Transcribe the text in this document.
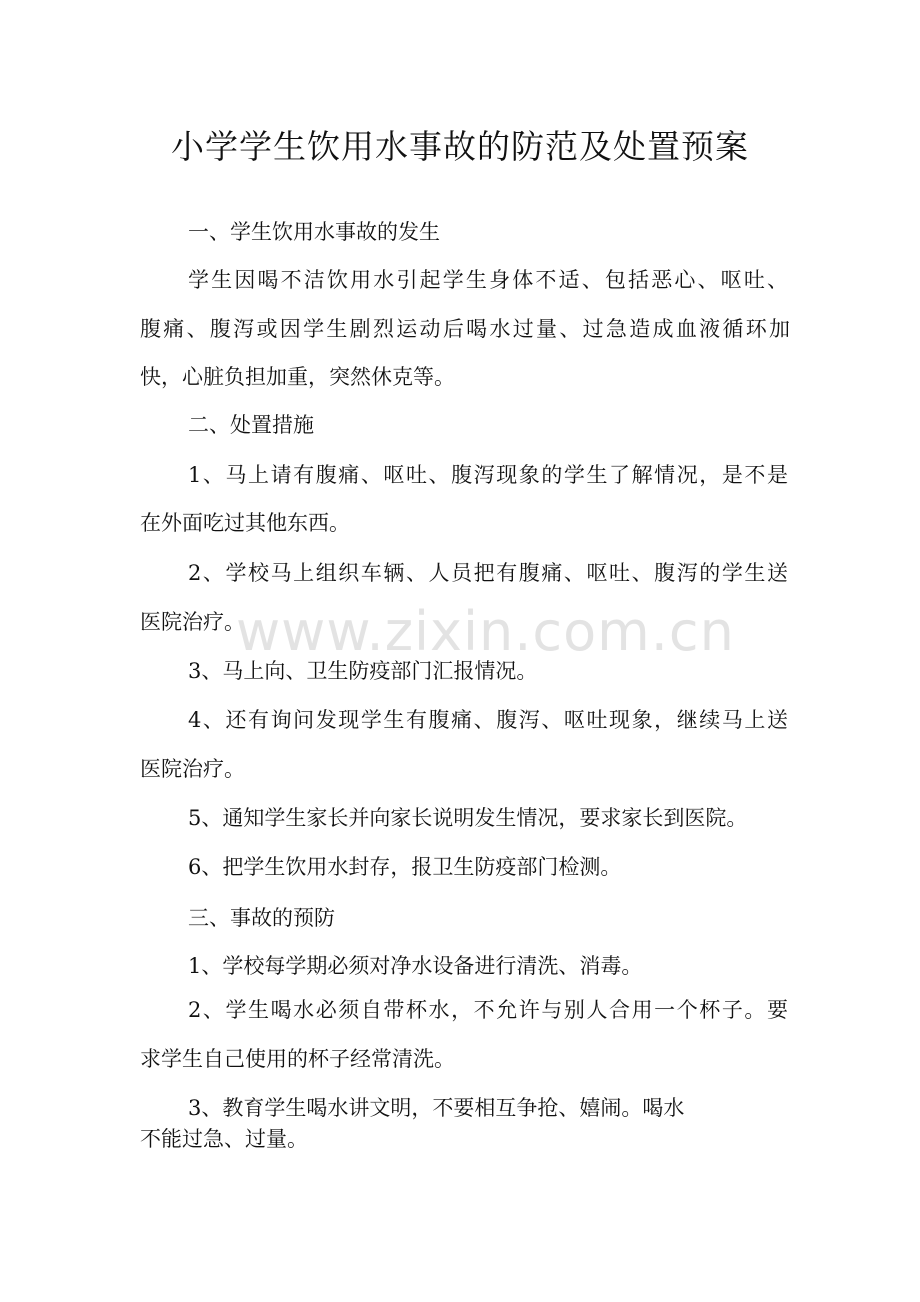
小学学生饮用水事故的防范及处置预案
一、学生饮用水事故的发生
学生因喝不洁饮用水引起学生身体不适、包括恶心、呕吐、
腹痛、腹泻或因学生剧烈运动后喝水过量、过急造成血液循环加
快，心脏负担加重，突然休克等。
二、处置措施
1、马上请有腹痛、呕吐、腹泻现象的学生了解情况，是不是
在外面吃过其他东西。
2、学校马上组织车辆、人员把有腹痛、呕吐、腹泻的学生送
医院治疗。
3、马上向、卫生防疫部门汇报情况。
4、还有询问发现学生有腹痛、腹泻、呕吐现象，继续马上送
医院治疗。
5、通知学生家长并向家长说明发生情况，要求家长到医院。
6、把学生饮用水封存，报卫生防疫部门检测。
三、事故的预防
1、学校每学期必须对净水设备进行清洗、消毒。
2、学生喝水必须自带杯水，不允许与别人合用一个杯子。要
求学生自己使用的杯子经常清洗。
3、教育学生喝水讲文明，不要相互争抢、嬉闹。喝水
不能过急、过量。
www.zixin.com.cn
